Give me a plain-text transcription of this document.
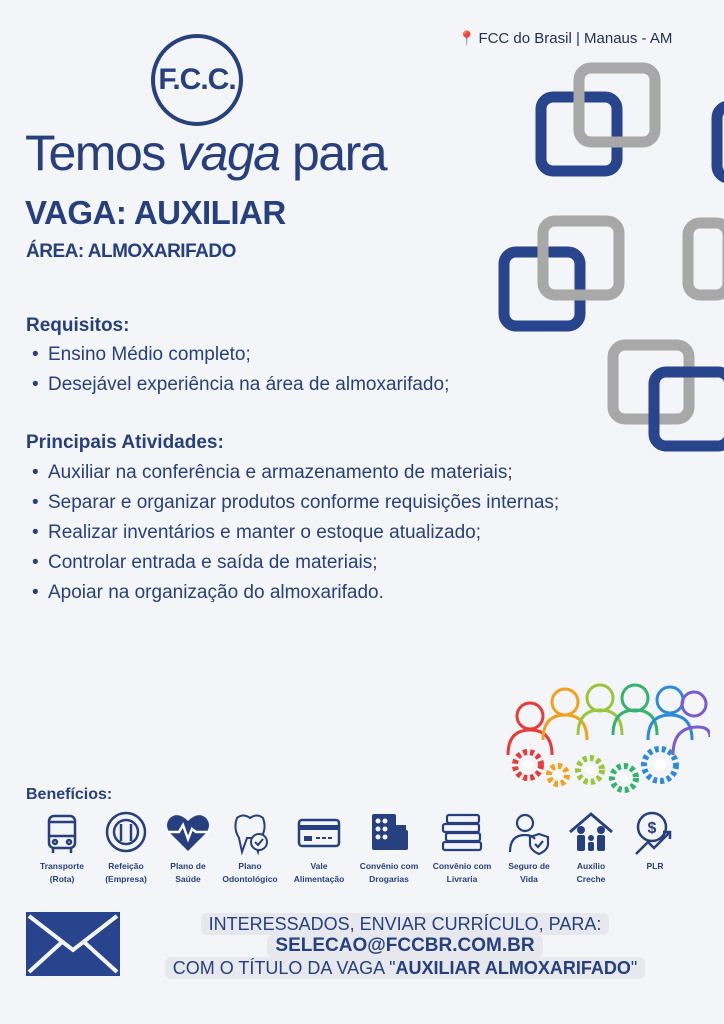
📍 FCC do Brasil | Manaus - AM
F.C.C.
Temos vaga para
VAGA: AUXILIAR
ÁREA: ALMOXARIFADO
Requisitos:
• Ensino Médio completo;
• Desejável experiência na área de almoxarifado;
Principais Atividades:
• Auxiliar na conferência e armazenamento de materiais;
• Separar e organizar produtos conforme requisições internas;
• Realizar inventários e manter o estoque atualizado;
• Controlar entrada e saída de materiais;
• Apoiar na organização do almoxarifado.
Benefícios:
Transporte
(Rota)
Refeição
(Empresa)
Plano de
Saúde
Plano
Odontológico
Vale
Alimentação
Convênio com
Drogarias
Convênio com
Livraria
Seguro de
Vida
Auxílio
Creche
$
PLR

INTERESSADOS, ENVIAR CURRÍCULO, PARA:
SELECAO@FCCBR.COM.BR
COM O TÍTULO DA VAGA "AUXILIAR ALMOXARIFADO"
